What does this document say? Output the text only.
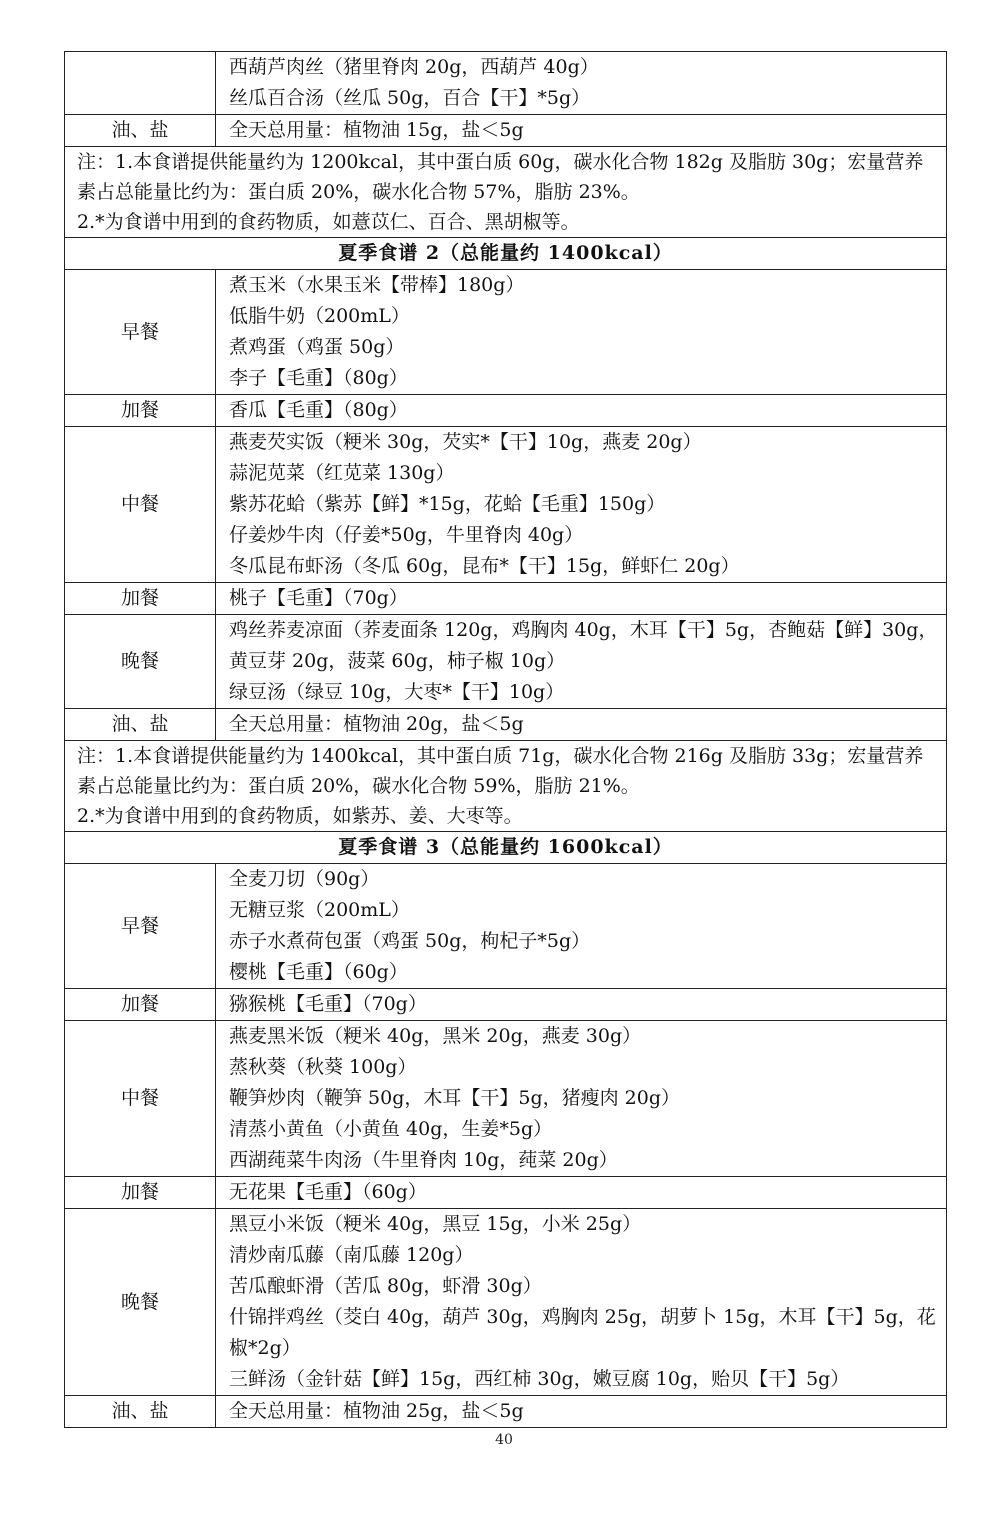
	西葫芦肉丝（猪里脊肉 20g，西葫芦 40g）
丝瓜百合汤（丝瓜 50g，百合【干】*5g）

油、盐	全天总用量：植物油 15g，盐＜5g

注：1.本食谱提供能量约为 1200kcal，其中蛋白质 60g，碳水化合物 182g 及脂肪 30g；宏量营养素占总能量比约为：蛋白质 20%，碳水化合物 57%，脂肪 23%。
2.*为食谱中用到的食药物质，如薏苡仁、百合、黑胡椒等。	

夏季食谱 2（总能量约 1400kcal）	
早餐	煮玉米（水果玉米【带棒】180g）
低脂牛奶（200mL）
煮鸡蛋（鸡蛋 50g）
李子【毛重】（80g）

加餐	香瓜【毛重】（80g）

中餐	燕麦芡实饭（粳米 30g，芡实*【干】10g，燕麦 20g）
蒜泥苋菜（红苋菜 130g）
紫苏花蛤（紫苏【鲜】*15g，花蛤【毛重】150g）
仔姜炒牛肉（仔姜*50g，牛里脊肉 40g）
冬瓜昆布虾汤（冬瓜 60g，昆布*【干】15g，鲜虾仁 20g）

加餐	桃子【毛重】（70g）

晚餐	鸡丝荞麦凉面（荞麦面条 120g，鸡胸肉 40g，木耳【干】5g，杏鲍菇【鲜】30g，黄豆芽 20g，菠菜 60g，柿子椒 10g）
绿豆汤（绿豆 10g，大枣*【干】10g）

油、盐	全天总用量：植物油 20g，盐＜5g

注：1.本食谱提供能量约为 1400kcal，其中蛋白质 71g，碳水化合物 216g 及脂肪 33g；宏量营养素占总能量比约为：蛋白质 20%，碳水化合物 59%，脂肪 21%。
2.*为食谱中用到的食药物质，如紫苏、姜、大枣等。	

夏季食谱 3（总能量约 1600kcal）	
早餐	全麦刀切（90g）
无糖豆浆（200mL）
赤子水煮荷包蛋（鸡蛋 50g，枸杞子*5g）
樱桃【毛重】（60g）

加餐	猕猴桃【毛重】（70g）

中餐	燕麦黑米饭（粳米 40g，黑米 20g，燕麦 30g）
蒸秋葵（秋葵 100g）
鞭笋炒肉（鞭笋 50g，木耳【干】5g，猪瘦肉 20g）
清蒸小黄鱼（小黄鱼 40g，生姜*5g）
西湖莼菜牛肉汤（牛里脊肉 10g，莼菜 20g）

加餐	无花果【毛重】（60g）

晚餐	黑豆小米饭（粳米 40g，黑豆 15g，小米 25g）
清炒南瓜藤（南瓜藤 120g）
苦瓜酿虾滑（苦瓜 80g，虾滑 30g）
什锦拌鸡丝（茭白 40g，葫芦 30g，鸡胸肉 25g，胡萝卜 15g，木耳【干】5g，花椒*2g）
三鲜汤（金针菇【鲜】15g，西红柿 30g，嫩豆腐 10g，贻贝【干】5g）

油、盐	全天总用量：植物油 25g，盐＜5g
40
